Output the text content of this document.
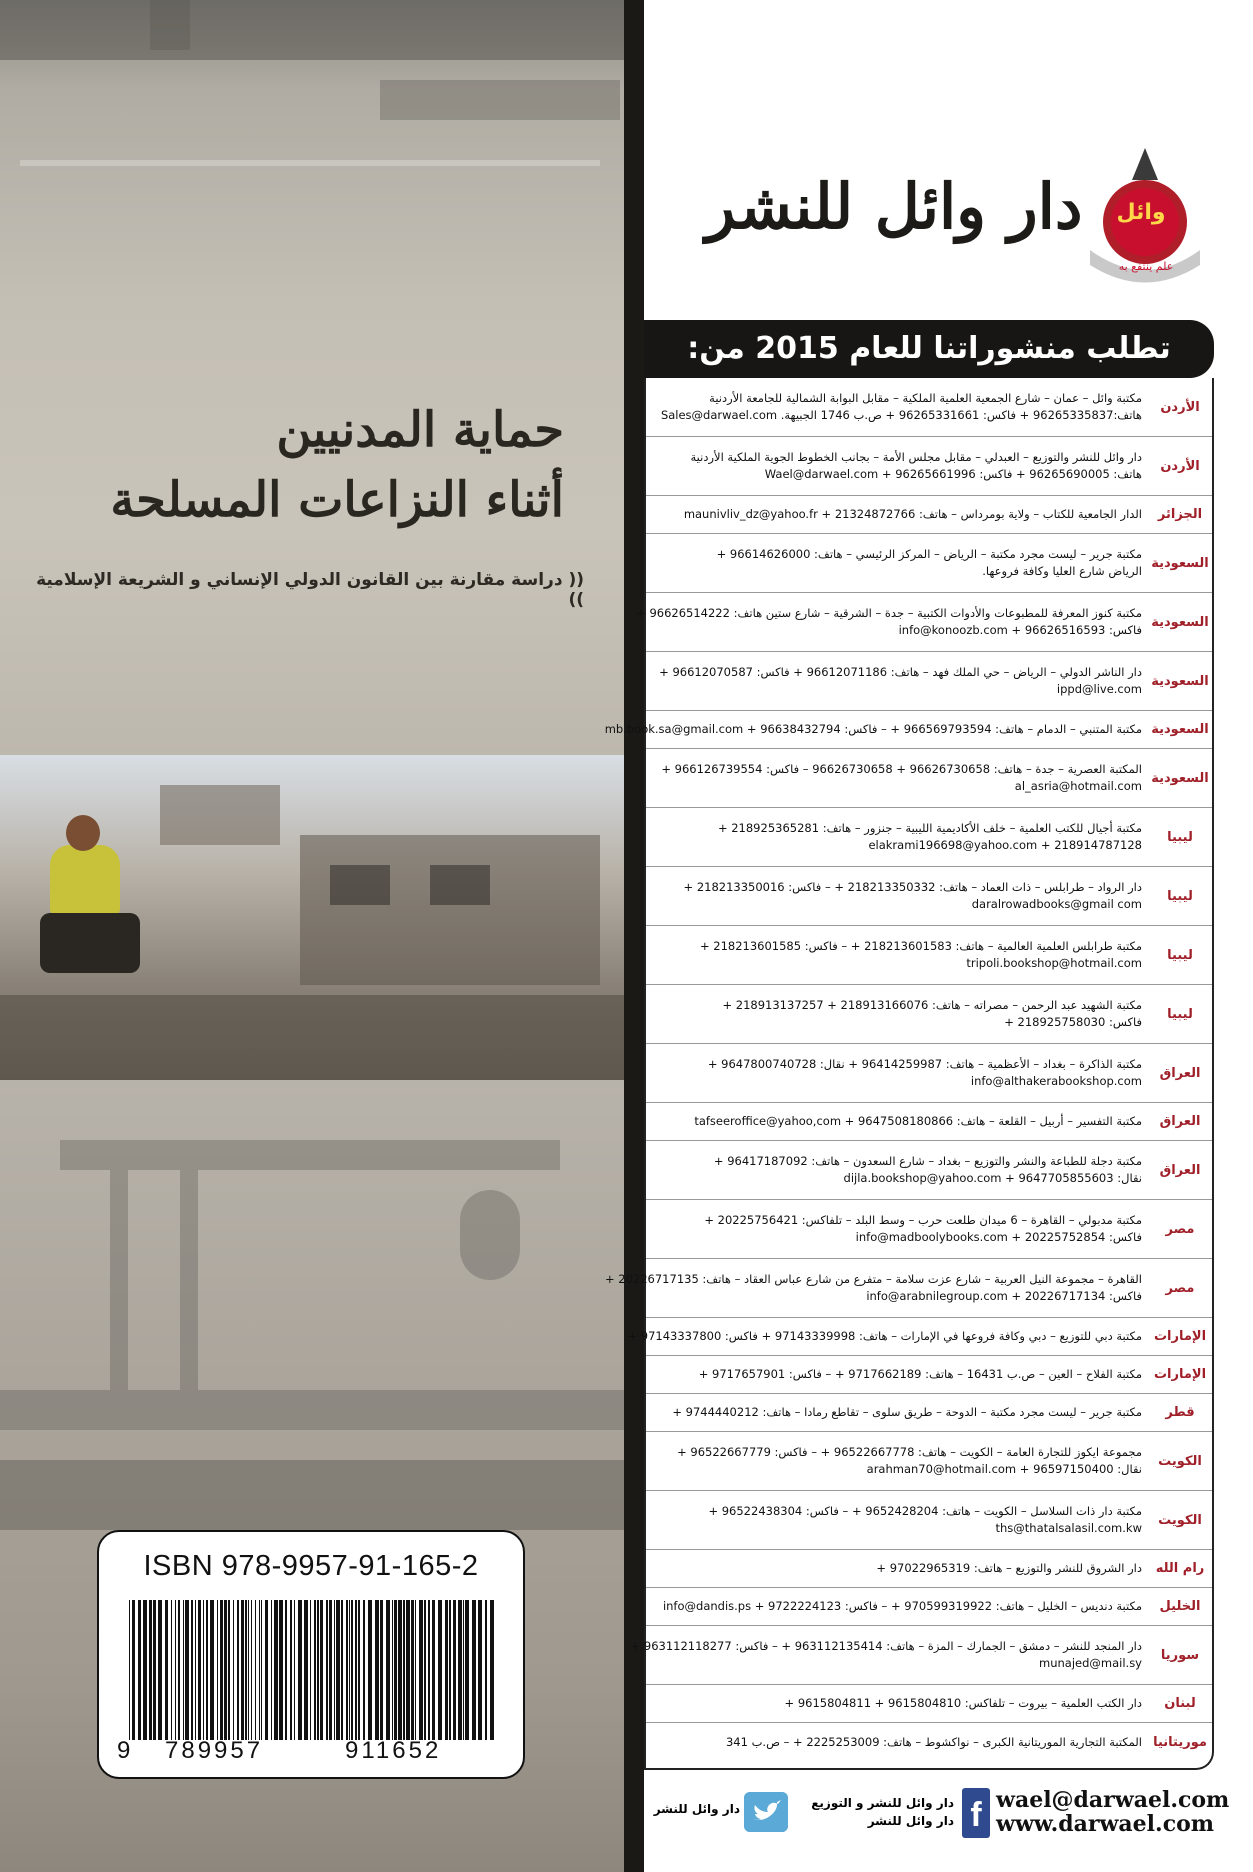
حماية المدنيين
أثناء النزاعات المسلحة
(( دراسة مقارنة بين القانون الدولي الإنساني و الشريعة الإسلامية ))
ISBN 978-9957-91-165-2
9 789957	911652
دار وائل للنشر	وائل
علم ينتفع به
تطلب منشوراتنا للعام 2015 من:
الأردن
مكتبة وائل – عمان – شارع الجمعية العلمية الملكية – مقابل البوابة الشمالية للجامعة الأردنية
هاتف:96265335837 + فاكس: 96265331661 + ص.ب 1746 الجبيهة. Sales@darwael.com
الأردن
دار وائل للنشر والتوزيع – العبدلي – مقابل مجلس الأمة – بجانب الخطوط الجوية الملكية الأردنية
هاتف: 96265690005 + فاكس: 96265661996 + Wael@darwael.com
الجزائر
الدار الجامعية للكتاب – ولاية بومرداس – هاتف: 21324872766 + maunivliv_dz@yahoo.fr
السعودية
مكتبة جرير – ليست مجرد مكتبة – الرياض – المركز الرئيسي – هاتف: 96614626000 +
الرياض شارع العليا وكافة فروعها.
السعودية
مكتبة كنوز المعرفة للمطبوعات والأدوات الكتبية – جدة – الشرقية – شارع ستين هاتف: 96626514222 +
فاكس: 96626516593 + info@konoozb.com
السعودية
دار الناشر الدولي – الرياض – حي الملك فهد – هاتف: 96612071186 + فاكس: 96612070587 +
ippd@live.com
السعودية
مكتبة المتنبي – الدمام – هاتف: 966569793594 + – فاكس: 96638432794 + mb.book.sa@gmail.com
السعودية
المكتبة العصرية – جدة – هاتف: 96626730658 + 96626730658 – فاكس: 966126739554 +
al_asria@hotmail.com
ليبيا
مكتبة أجيال للكتب العلمية – خلف الأكاديمية الليبية – جنزور – هاتف: 218925365281 +
218914787128 + elakrami196698@yahoo.com
ليبيا
دار الرواد – طرابلس – ذات العماد – هاتف: 218213350332 + – فاكس: 218213350016 +
daralrowadbooks@gmail com
ليبيا
مكتبة طرابلس العلمية العالمية – هاتف: 218213601583 + – فاكس: 218213601585 +
tripoli.bookshop@hotmail.com
ليبيا
مكتبة الشهيد عبد الرحمن – مصراته – هاتف: 218913166076 + 218913137257 +
فاكس: 218925758030 +
العراق
مكتبة الذاكرة – بغداد – الأعظمية – هاتف: 96414259987 + نقال: 9647800740728 +
info@althakerabookshop.com
العراق
مكتبة التفسير – أربيل – القلعة – هاتف: 9647508180866 + tafseeroffice@yahoo,com
العراق
مكتبة دجلة للطباعة والنشر والتوزيع – بغداد – شارع السعدون – هاتف: 96417187092 +
نقال: 9647705855603 + dijla.bookshop@yahoo.com
مصر
مكتبة مدبولي – القاهرة – 6 ميدان طلعت حرب – وسط البلد – تلفاكس: 20225756421 +
فاكس: 20225752854 + info@madboolybooks.com
مصر
القاهرة – مجموعة النيل العربية – شارع عزت سلامة – متفرع من شارع عباس العقاد – هاتف: 20226717135 +
فاكس: 20226717134 + info@arabnilegroup.com
الإمارات
مكتبة دبي للتوزيع – دبي وكافة فروعها في الإمارات – هاتف: 97143339998 + فاكس: 97143337800 +
الإمارات
مكتبة الفلاح – العين – ص.ب 16431 – هاتف: 9717662189 + – فاكس: 9717657901 +
قطر
مكتبة جرير – ليست مجرد مكتبة – الدوحة – طريق سلوى – تقاطع رمادا – هاتف: 9744440212 +
الكويت
مجموعة ايكوز للتجارة العامة – الكويت – هاتف: 96522667778 + – فاكس: 96522667779 +
نقال: 96597150400 + arahman70@hotmail.com
الكويت
مكتبة دار ذات السلاسل – الكويت – هاتف: 9652428204 + – فاكس: 96522438304 +
ths@thatalsalasil.com.kw
رام الله
دار الشروق للنشر والتوزيع – هاتف: 97022965319 +
الخليل
مكتبة دنديس – الخليل – هاتف: 970599319922 + – فاكس: 9722224123 + info@dandis.ps
سوريا
دار المنجد للنشر – دمشق – الجمارك – المزة – هاتف: 963112135414 + – فاكس: 963112118277 +
munajed@mail.sy
لبنان
دار الكتب العلمية – بيروت – تلفاكس: 9615804810 + 9615804811 +
موريتانيا
المكتبة التجارية الموريتانية الكبرى – نواكشوط – هاتف: 2225253009 + – ص.ب 341
wael@darwael.com
www.darwael.com
f
دار وائل للنشر و التوزيع
دار وائل للنشر
دار وائل للنشر
